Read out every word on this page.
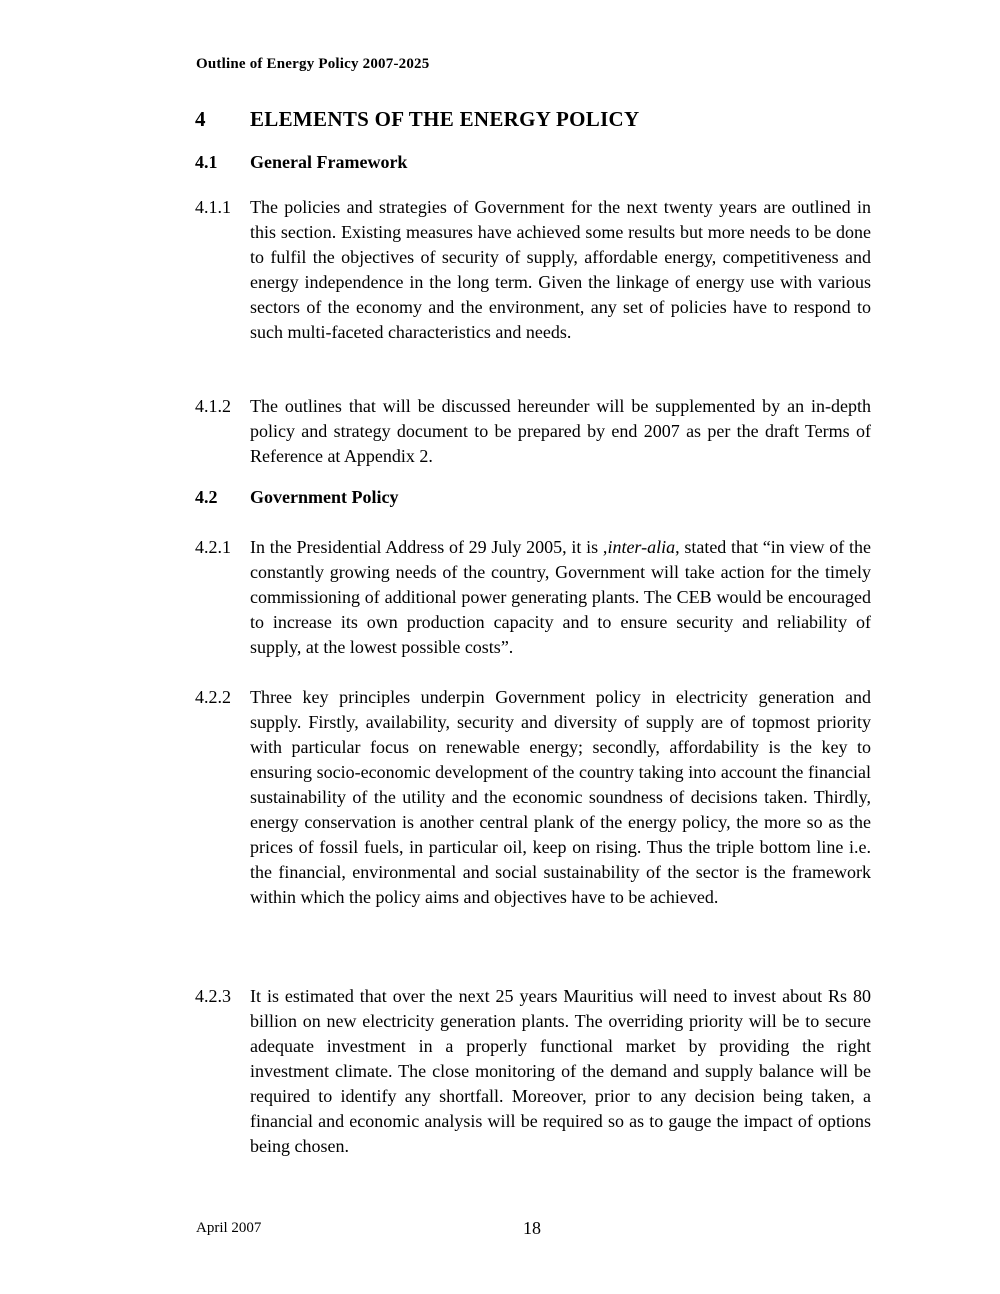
Outline of Energy Policy 2007-2025
4 ELEMENTS OF THE ENERGY POLICY
4.1 General Framework
4.1.1 The policies and strategies of Government for the next twenty years are outlined in this section. Existing measures have achieved some results but more needs to be done to fulfil the objectives of security of supply, affordable energy, competitiveness and energy independence in the long term. Given the linkage of energy use with various sectors of the economy and the environment, any set of policies have to respond to such multi-faceted characteristics and needs.
4.1.2 The outlines that will be discussed hereunder will be supplemented by an in-depth policy and strategy document to be prepared by end 2007 as per the draft Terms of Reference at Appendix 2.
4.2 Government Policy
4.2.1 In the Presidential Address of 29 July 2005, it is ,inter-alia, stated that “in view of the constantly growing needs of the country, Government will take action for the timely commissioning of additional power generating plants. The CEB would be encouraged to increase its own production capacity and to ensure security and reliability of supply, at the lowest possible costs”.
4.2.2 Three key principles underpin Government policy in electricity generation and supply. Firstly, availability, security and diversity of supply are of topmost priority with particular focus on renewable energy; secondly, affordability is the key to ensuring socio-economic development of the country taking into account the financial sustainability of the utility and the economic soundness of decisions taken. Thirdly, energy conservation is another central plank of the energy policy, the more so as the prices of fossil fuels, in particular oil, keep on rising. Thus the triple bottom line i.e. the financial, environmental and social sustainability of the sector is the framework within which the policy aims and objectives have to be achieved.
4.2.3 It is estimated that over the next 25 years Mauritius will need to invest about Rs 80 billion on new electricity generation plants. The overriding priority will be to secure adequate investment in a properly functional market by providing the right investment climate. The close monitoring of the demand and supply balance will be required to identify any shortfall. Moreover, prior to any decision being taken, a financial and economic analysis will be required so as to gauge the impact of options being chosen.
April 2007	18
